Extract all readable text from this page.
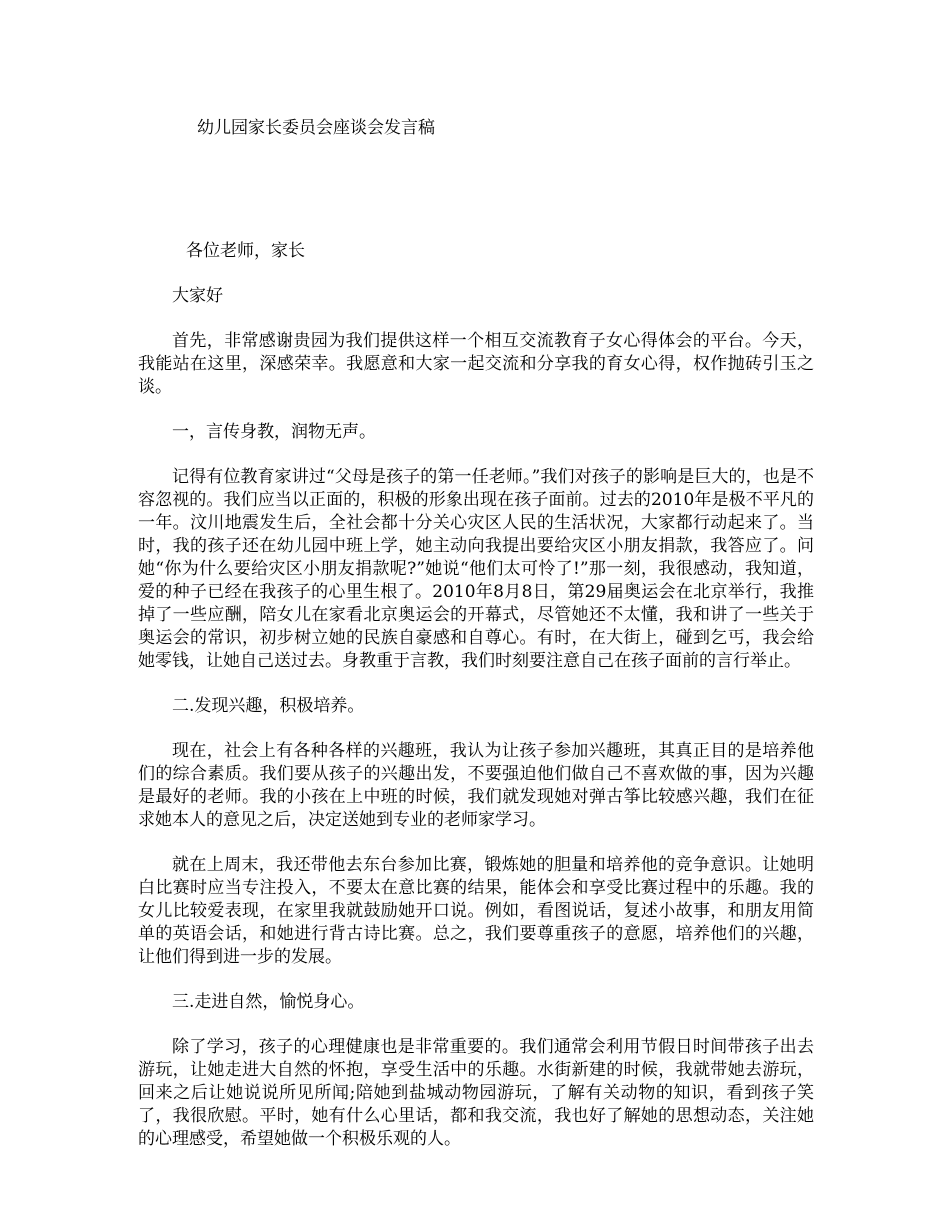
幼儿园家长委员会座谈会发言稿

各位老师，家长

大家好

首先，非常感谢贵园为我们提供这样一个相互交流教育子女心得体会的平台。今天，我能站在这里，深感荣幸。我愿意和大家一起交流和分享我的育女心得，权作抛砖引玉之谈。

一，言传身教，润物无声。

记得有位教育家讲过“父母是孩子的第一任老师。”我们对孩子的影响是巨大的，也是不容忽视的。我们应当以正面的，积极的形象出现在孩子面前。过去的2010年是极不平凡的一年。汶川地震发生后，全社会都十分关心灾区人民的生活状况，大家都行动起来了。当时，我的孩子还在幼儿园中班上学，她主动向我提出要给灾区小朋友捐款，我答应了。问她“你为什么要给灾区小朋友捐款呢?”她说“他们太可怜了!”那一刻，我很感动，我知道，爱的种子已经在我孩子的心里生根了。2010年8月8日，第29届奥运会在北京举行，我推掉了一些应酬，陪女儿在家看北京奥运会的开幕式，尽管她还不太懂，我和讲了一些关于奥运会的常识，初步树立她的民族自豪感和自尊心。有时，在大街上，碰到乞丐，我会给她零钱，让她自己送过去。身教重于言教，我们时刻要注意自己在孩子面前的言行举止。

二.发现兴趣，积极培养。

现在，社会上有各种各样的兴趣班，我认为让孩子参加兴趣班，其真正目的是培养他们的综合素质。我们要从孩子的兴趣出发，不要强迫他们做自己不喜欢做的事，因为兴趣是最好的老师。我的小孩在上中班的时候，我们就发现她对弹古筝比较感兴趣，我们在征求她本人的意见之后，决定送她到专业的老师家学习。

就在上周末，我还带他去东台参加比赛，锻炼她的胆量和培养他的竞争意识。让她明白比赛时应当专注投入，不要太在意比赛的结果，能体会和享受比赛过程中的乐趣。我的女儿比较爱表现，在家里我就鼓励她开口说。例如，看图说话，复述小故事，和朋友用简单的英语会话，和她进行背古诗比赛。总之，我们要尊重孩子的意愿，培养他们的兴趣，让他们得到进一步的发展。

三.走进自然，愉悦身心。

除了学习，孩子的心理健康也是非常重要的。我们通常会利用节假日时间带孩子出去游玩，让她走进大自然的怀抱，享受生活中的乐趣。水街新建的时候，我就带她去游玩，回来之后让她说说所见所闻;陪她到盐城动物园游玩，了解有关动物的知识，看到孩子笑了，我很欣慰。平时，她有什么心里话，都和我交流，我也好了解她的思想动态，关注她的心理感受，希望她做一个积极乐观的人。
